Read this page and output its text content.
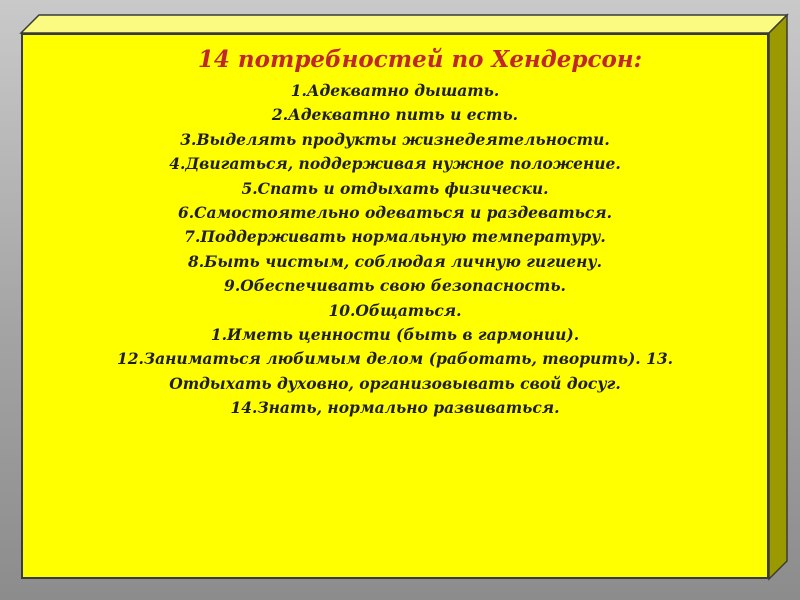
14 потребностей по Хендерсон:
1.Адекватно дышать.
2.Адекватно пить и есть.
3.Выделять продукты жизнедеятельности.
4.Двигаться, поддерживая нужное положение.
5.Спать и отдыхать физически.
6.Самостоятельно одеваться и раздеваться.
7.Поддерживать нормальную температуру.
8.Быть чистым, соблюдая личную гигиену.
9.Обеспечивать свою безопасность.
10.Общаться.
1.Иметь ценности (быть в гармонии).
12.Заниматься любимым делом (работать, творить). 13.
Отдыхать духовно, организовывать свой досуг.
14.Знать, нормально развиваться.
